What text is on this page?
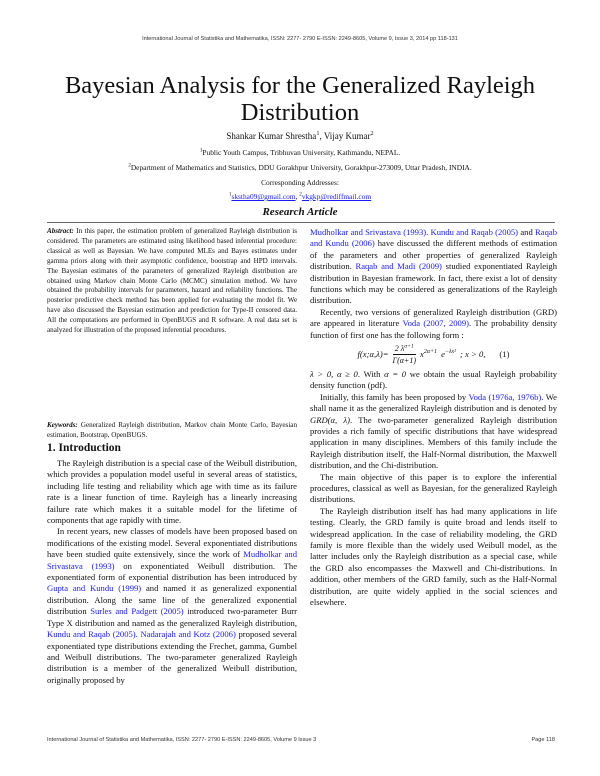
International Journal of Statistika and Mathematika, ISSN: 2277- 2790 E-ISSN: 2249-8605, Volume 9, Issue 3, 2014 pp 118-131
Bayesian Analysis for the Generalized Rayleigh Distribution
Shankar Kumar Shrestha$^1$, Vijay Kumar$^2$
$^1$Public Youth Campus, Tribhuvan University, Kathmandu, NEPAL.
$^2$Department of Mathematics and Statistics, DDU Gorakhpur University, Gorakhpur-273009, Uttar Pradesh, INDIA.
Corresponding Addresses:
$^1$skstha09@gmail.com, $^2$vkgkp@rediffmail.com
Research Article
Abstract: In this paper, the estimation problem of generalized Rayleigh distribution is considered. The parameters are estimated using likelihood based inferential procedure: classical as well as Bayesian. We have computed MLEs and Bayes estimates under gamma priors along with their asymptotic confidence, bootstrap and HPD intervals. The Bayesian estimates of the parameters of generalized Rayleigh distribution are obtained using Markov chain Monte Carlo (MCMC) simulation method. We have obtained the probability intervals for parameters, hazard and reliability functions. The posterior predictive check method has been applied for evaluating the model fit. We have also discussed the Bayesian estimation and prediction for Type-II censored data. All the computations are performed in OpenBUGS and R software. A real data set is analyzed for illustration of the proposed inferential procedures.
Keywords: Generalized Rayleigh distribution, Markov chain Monte Carlo, Bayesian estimation, Bootstrap, OpenBUGS.
1. Introduction

The Rayleigh distribution is a special case of the Weibull distribution, which provides a population model useful in several areas of statistics, including life testing and reliability which age with time as its failure rate is a linear function of time. Rayleigh has a linearly increasing failure rate which makes it a suitable model for the lifetime of components that age rapidly with time.

In recent years, new classes of models have been proposed based on modifications of the existing model. Several exponentiated distributions have been studied quite extensively, since the work of Mudholkar and Srivastava (1993) on exponentiated Weibull distribution. The exponentiated form of exponential distribution has been introduced by Gupta and Kundu (1999) and named it as generalized exponential distribution. Along the same line of the generalized exponential distribution Surles and Padgett (2005) introduced two-parameter Burr Type X distribution and named as the generalized Rayleigh distribution, Kundu and Raqab (2005). Nadarajah and Kotz (2006) proposed several exponentiated type distributions extending the Frechet, gamma, Gumbel and Weibull distributions. The two-parameter generalized Rayleigh distribution is a member of the generalized Weibull distribution, originally proposed by

Mudholkar and Srivastava (1993). Kundu and Raqab (2005) and Raqab and Kundu (2006) have discussed the different methods of estimation of the parameters and other properties of generalized Rayleigh distribution. Raqab and Madi (2009) studied exponentiated Rayleigh distribution in Bayesian framework. In fact, there exist a lot of density functions which may be considered as generalizations of the Rayleigh distribution.

Recently, two versions of generalized Rayleigh distribution (GRD) are appeared in literature Voda (2007, 2009). The probability density function of first one has the following form :

f(x;α,λ)= $\frac{2 \lambda^{\alpha+1}}{\Gamma(\alpha+1)} x^{2\alpha+1}$ $e^{-\lambda x^2}$ ; x > 0, (1)

λ > 0, α ≥ 0. With α = 0 we obtain the usual Rayleigh probability density function (pdf).

Initially, this family has been proposed by Voda (1976a, 1976b). We shall name it as the generalized Rayleigh distribution and is denoted by GRD(α, λ). The two-parameter generalized Rayleigh distribution provides a rich family of specific distributions that have widespread application in many disciplines. Members of this family include the Rayleigh distribution itself, the Half-Normal distribution, the Maxwell distribution, and the Chi-distribution.

The main objective of this paper is to explore the inferential procedures, classical as well as Bayesian, for the generalized Rayleigh distributions.

The Rayleigh distribution itself has had many applications in life testing. Clearly, the GRD family is quite broad and lends itself to widespread application. In the case of reliability modeling, the GRD family is more flexible than the widely used Weibull model, as the latter includes only the Rayleigh distribution as a special case, while the GRD also encompasses the Maxwell and Chi-distributions. In addition, other members of the GRD family, such as the Half-Normal distribution, are quite widely applied in the social sciences and elsewhere.

International Journal of Statistika and Mathematika, ISSN: 2277- 2790 E-ISSN: 2249-8605, Volume 9 Issue 3	Page 118
